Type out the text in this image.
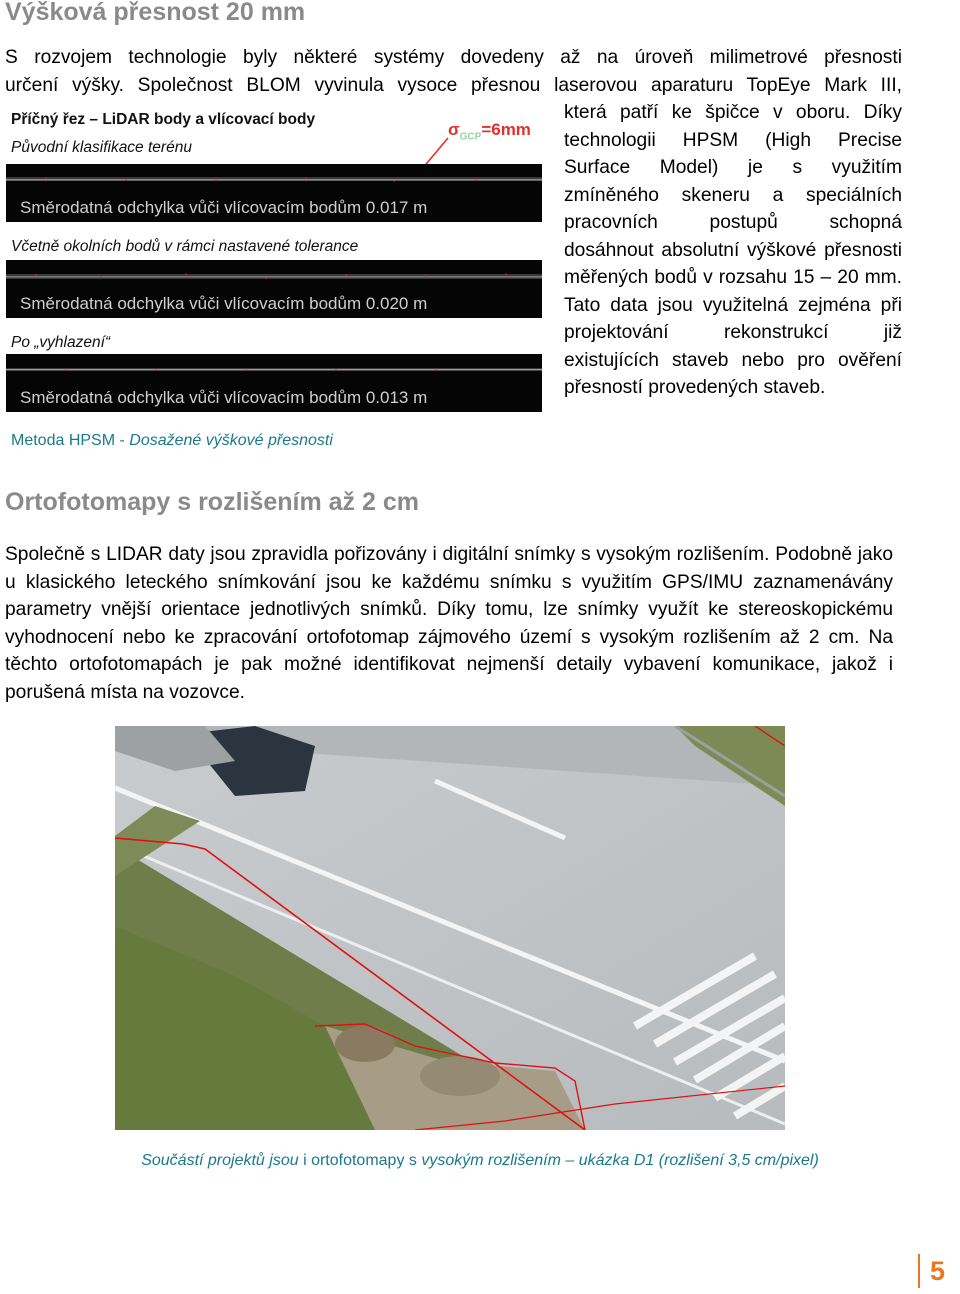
Výšková přesnost 20 mm
S rozvojem technologie byly některé systémy dovedeny až na úroveň milimetrové přesnosti
určení výšky. Společnost BLOM vyvinula vysoce přesnou laserovou aparaturu TopEye Mark III,

která patří ke špičce v oboru. Díky technologii HPSM (High Precise Surface Model) je s využitím zmíněného skeneru a speciálních pracovních postupů schopná dosáhnout absolutní výškové přesnosti měřených bodů v rozsahu 15 – 20 mm. Tato data jsou využitelná zejména při projektování rekonstrukcí již existujících staveb nebo pro ověření přesností provedených staveb.

Příčný řez – LiDAR body a vlícovací body
$\sigma_{GCP}=6mm$
Původní klasifikace terénu
Směrodatná odchylka vůči vlícovacím bodům 0.017 m
Včetně okolních bodů v rámci nastavené tolerance
Směrodatná odchylka vůči vlícovacím bodům 0.020 m
Po „vyhlazení“
Směrodatná odchylka vůči vlícovacím bodům 0.013 m
Metoda HPSM - Dosažené výškové přesnosti
Ortofotomapy s rozlišením až 2 cm

Společně s LIDAR daty jsou zpravidla pořizovány i digitální snímky s vysokým rozlišením. Podobně jako u klasického leteckého snímkování jsou ke každému snímku s využitím GPS/IMU zaznamenávány parametry vnější orientace jednotlivých snímků. Díky tomu, lze snímky využít ke stereoskopickému vyhodnocení nebo ke zpracování ortofotomap zájmového území s vysokým rozlišením až 2 cm. Na těchto ortofotomapách je pak možné identifikovat nejmenší detaily vybavení komunikace, jakož i porušená místa na vozovce.

Součástí projektů jsou i ortofotomapy s vysokým rozlišením – ukázka D1 (rozlišení 3,5 cm/pixel)
5
